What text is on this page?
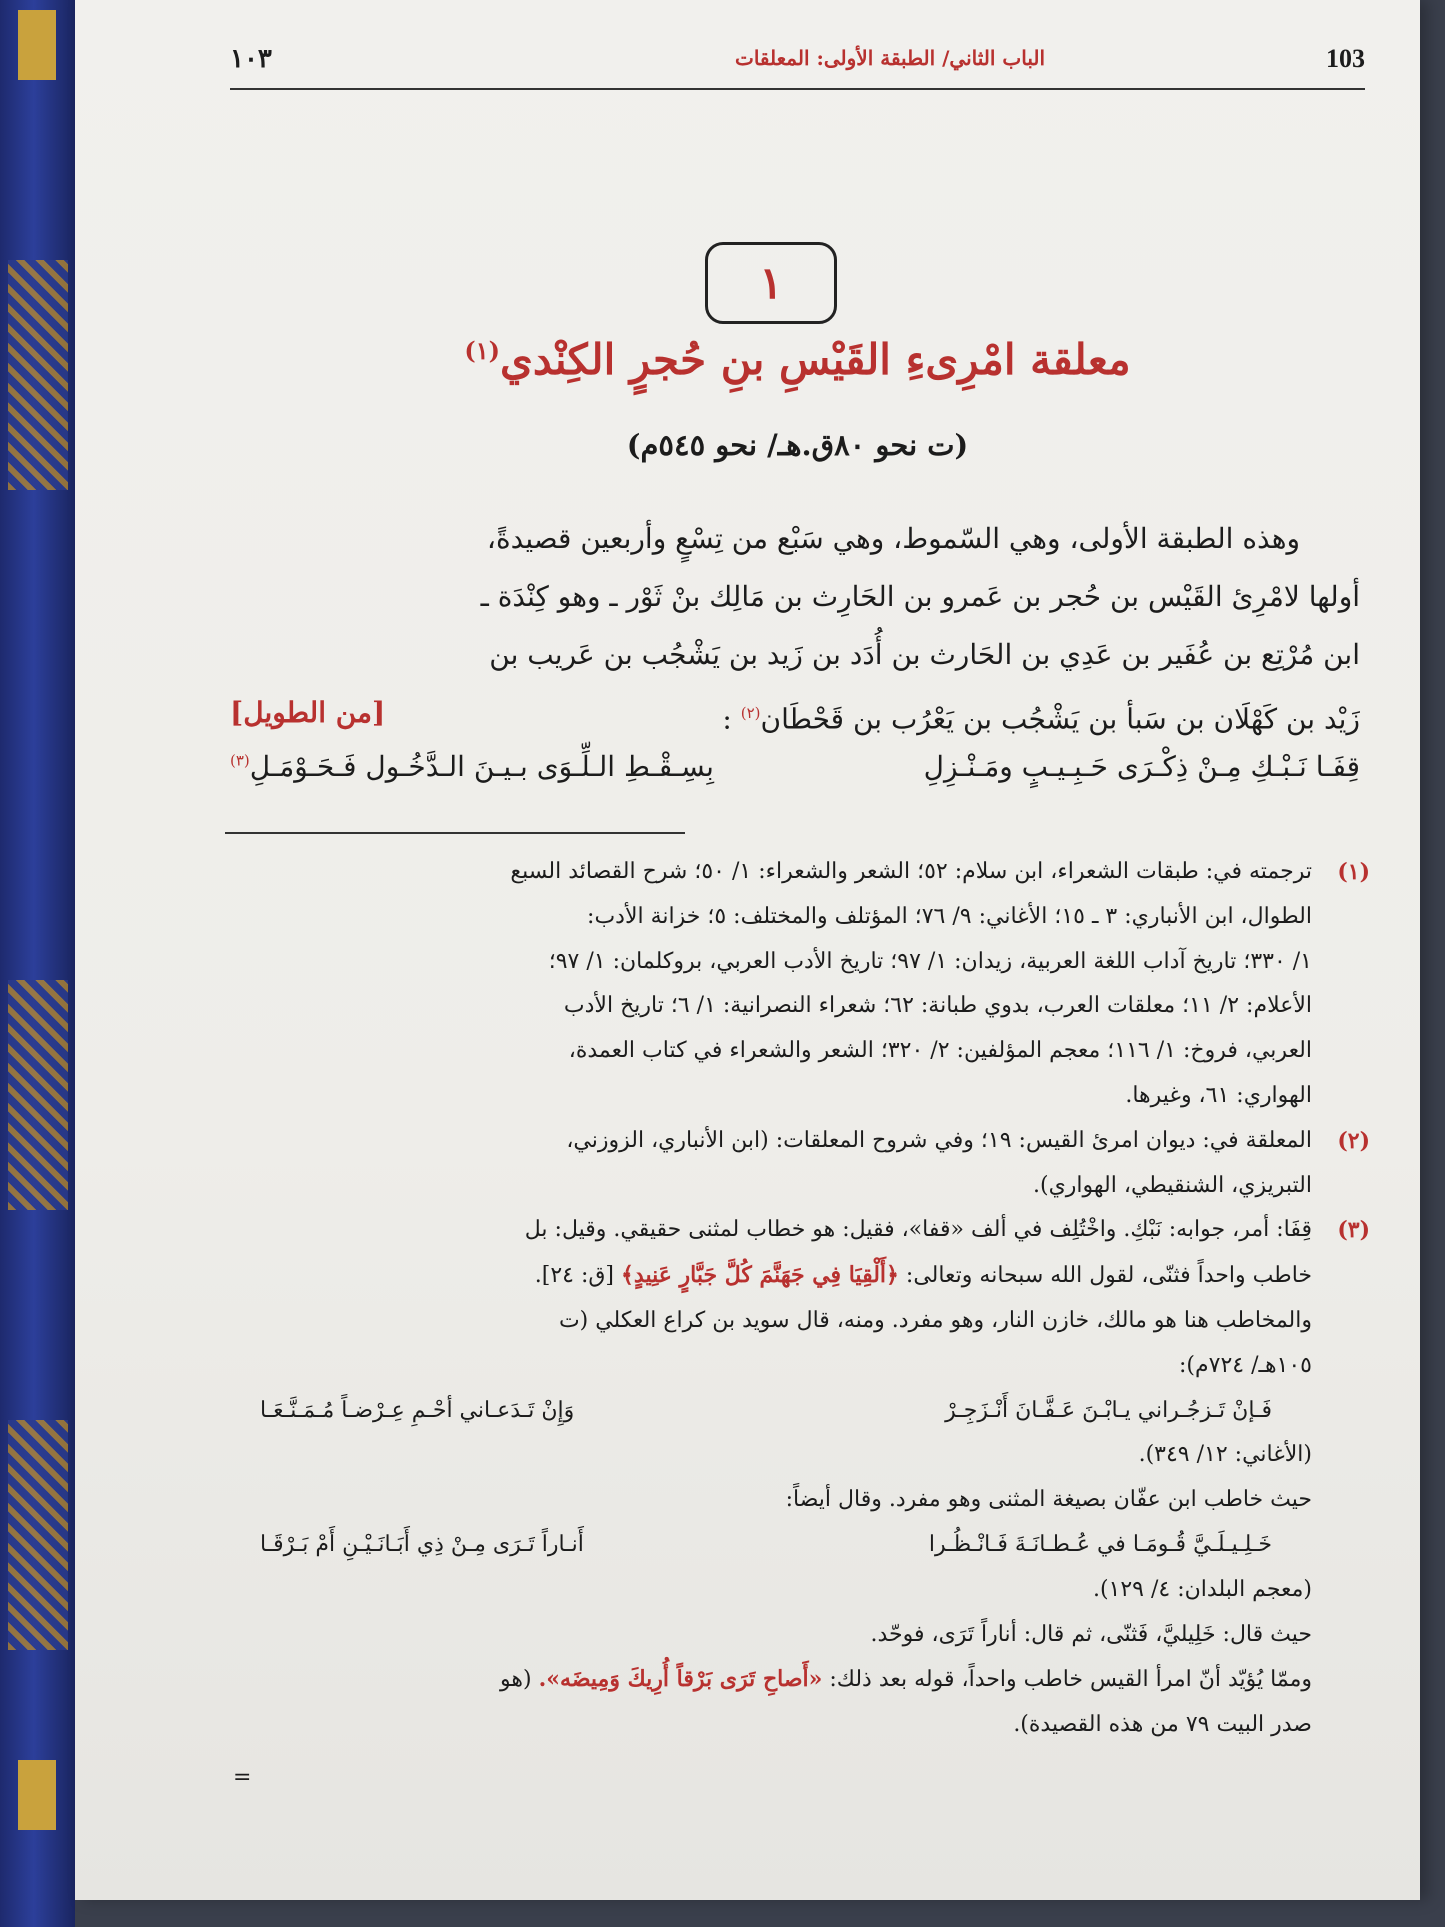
103
الباب الثاني/ الطبقة الأولى: المعلقات
١٠٣
١
معلقة امْرِىءِ القَيْسِ بنِ حُجرٍ الكِنْدي$^{(١)}$
(ت نحو ٨٠ق.هـ/ نحو ٥٤٥م)
وهذه الطبقة الأولى، وهي السّموط، وهي سَبْع من تِسْعٍ وأربعين قصيدةً،
أولها لامْرِئ القَيْس بن حُجر بن عَمرو بن الحَارِث بن مَالِك بنْ ثَوْر ـ وهو كِنْدَة ـ
ابن مُرْتِع بن عُفَير بن عَدِي بن الحَارث بن أُدَد بن زَيد بن يَشْجُب بن عَريب بن
زَيْد بن كَهْلَان بن سَبأ بن يَشْجُب بن يَعْرُب بن قَحْطَان$^{(٢)}$ :
[من الطويل]
قِفَـا نَـبْـكِ مِـنْ ذِكْـرَى حَـبِـيـبٍ ومَـنْـزِلِ
بِسِـقْـطِ الـلِّـوَى بـيـنَ الـدَّخُـول فَـحَـوْمَـلِ$^{(٣)}$
(١)

ترجمته في: طبقات الشعراء، ابن سلام: ٥٢؛ الشعر والشعراء: ١/ ٥٠؛ شرح القصائد السبع

الطوال، ابن الأنباري: ٣ ـ ١٥؛ الأغاني: ٩/ ٧٦؛ المؤتلف والمختلف: ٥؛ خزانة الأدب:

١/ ٣٣٠؛ تاريخ آداب اللغة العربية، زيدان: ١/ ٩٧؛ تاريخ الأدب العربي، بروكلمان: ١/ ٩٧؛

الأعلام: ٢/ ١١؛ معلقات العرب، بدوي طبانة: ٦٢؛ شعراء النصرانية: ١/ ٦؛ تاريخ الأدب

العربي، فروخ: ١/ ١١٦؛ معجم المؤلفين: ٢/ ٣٢٠؛ الشعر والشعراء في كتاب العمدة،

الهواري: ٦١، وغيرها.

(٢)

المعلقة في: ديوان امرئ القيس: ١٩؛ وفي شروح المعلقات: (ابن الأنباري، الزوزني،

التبريزي، الشنقيطي، الهواري).

(٣)

قِفَا: أمر، جوابه: نَبْكِ. واخْتُلِف في ألف «قفا»، فقيل: هو خطاب لمثنى حقيقي. وقيل: بل

خاطب واحداً فثنّى، لقول الله سبحانه وتعالى: ﴿أَلْقِيَا فِي جَهَنَّمَ كُلَّ جَبَّارٍ عَنِيدٍ﴾ [ق: ٢٤].

والمخاطب هنا هو مالك، خازن النار، وهو مفرد. ومنه، قال سويد بن كراع العكلي (ت

١٠٥هـ/ ٧٢٤م):

فَـإنْ تَـزجُـراني يـابْـنَ عَـفَّـانَ أَنْـزَجِـرْ
وَإِنْ تَـدَعـاني أحْـمِ عِـرْضـاً مُـمَـنَّـعَـا

(الأغاني: ١٢/ ٣٤٩).

حيث خاطب ابن عفّان بصيغة المثنى وهو مفرد. وقال أيضاً:

خَـلِـيـلَـيَّ قُـومَـا في عُـطـانَـةَ فَـانْـظُـرا
أَنـاراً تَـرَى مِـنْ ذِي أَبَـانَـيْـنِ أَمْ بَـرْقَـا

(معجم البلدان: ٤/ ١٢٩).

حيث قال: خَلِيليَّ، فَثنّى، ثم قال: أناراً تَرَى، فوحّد.

وممّا يُؤيّد أنّ امرأ القيس خاطب واحداً، قوله بعد ذلك: «أَصاحِ تَرَى بَرْقاً أُرِيكَ وَمِيضَه». (هو

صدر البيت ٧٩ من هذه القصيدة).

=
